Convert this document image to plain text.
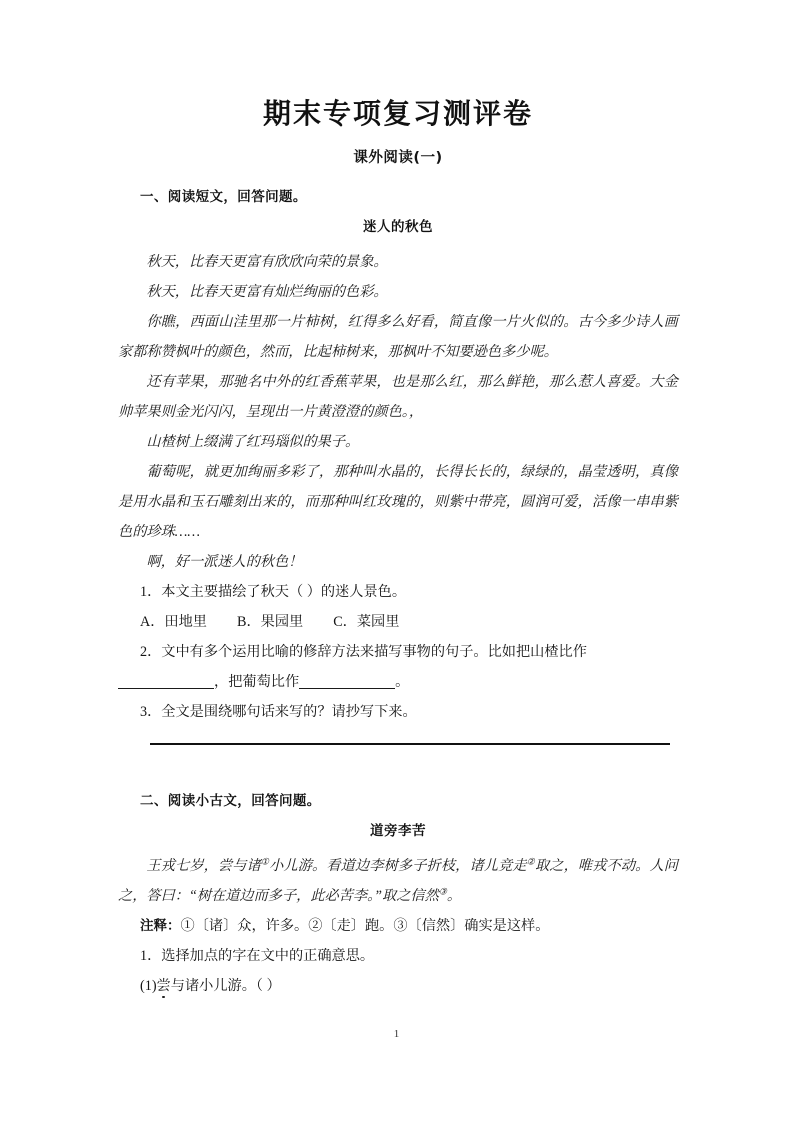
期末专项复习测评卷
课外阅读(一)

一、阅读短文，回答问题。

迷人的秋色

秋天，比春天更富有欣欣向荣的景象。

秋天，比春天更富有灿烂绚丽的色彩。

你瞧，西面山洼里那一片柿树，红得多么好看，简直像一片火似的。古今多少诗人画家都称赞枫叶的颜色，然而，比起柿树来，那枫叶不知要逊色多少呢。

还有苹果，那驰名中外的红香蕉苹果，也是那么红，那么鲜艳，那么惹人喜爱。大金帅苹果则金光闪闪，呈现出一片黄澄澄的颜色。，

山楂树上缀满了红玛瑙似的果子。

葡萄呢，就更加绚丽多彩了，那种叫水晶的，长得长长的，绿绿的，晶莹透明，真像是用水晶和玉石雕刻出来的，而那种叫红玫瑰的，则紫中带亮，圆润可爱，活像一串串紫色的珍珠……

啊，好一派迷人的秋色！

1．本文主要描绘了秋天（ ）的迷人景色。

A．田地里 B．果园里 C．菜园里

2．文中有多个运用比喻的修辞方法来描写事物的句子。比如把山楂比作

，把葡萄比作	。

3．全文是围绕哪句话来写的？请抄写下来。

二、阅读小古文，回答问题。

道旁李苦

王戎七岁，尝与诸①小儿游。看道边李树多子折枝，诸儿竞走②取之，唯戎不动。人问之，答曰：“树在道边而多子，此必苦李。”取之信然③。

注释：①〔诸〕众，许多。②〔走〕跑。③〔信然〕确实是这样。

1．选择加点的字在文中的正确意思。

(1)尝与诸小儿游。（ ）

1
